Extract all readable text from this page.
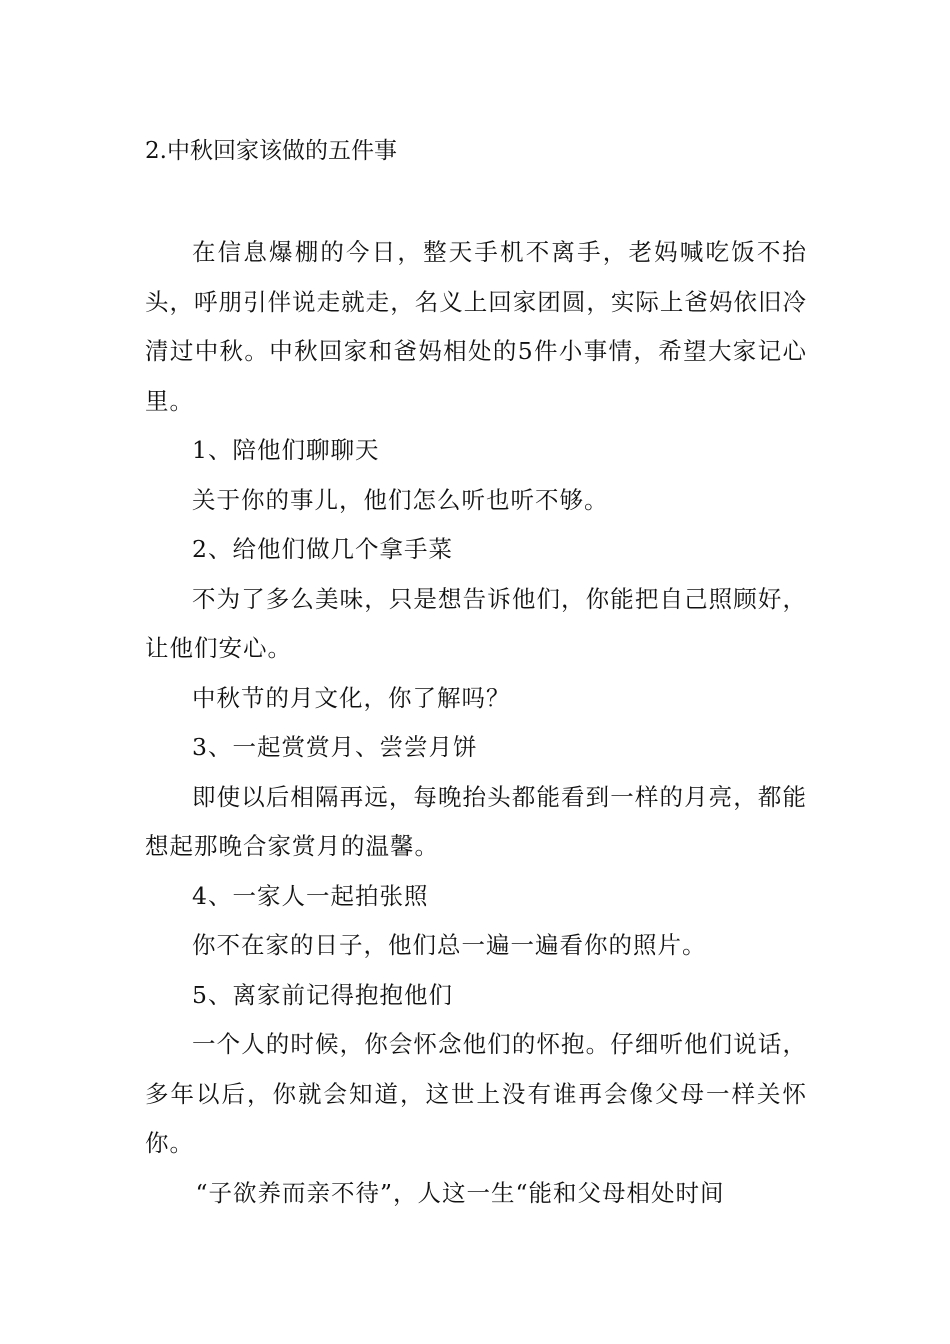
2.中秋回家该做的五件事

在信息爆棚的今日，整天手机不离手，老妈喊吃饭不抬头，呼朋引伴说走就走，名义上回家团圆，实际上爸妈依旧冷清过中秋。中秋回家和爸妈相处的5件小事情，希望大家记心里。

1、陪他们聊聊天

关于你的事儿，他们怎么听也听不够。

2、给他们做几个拿手菜

不为了多么美味，只是想告诉他们，你能把自己照顾好，让他们安心。

中秋节的月文化，你了解吗？

3、一起赏赏月、尝尝月饼

即使以后相隔再远，每晚抬头都能看到一样的月亮，都能想起那晚合家赏月的温馨。

4、一家人一起拍张照

你不在家的日子，他们总一遍一遍看你的照片。

5、离家前记得抱抱他们

一个人的时候，你会怀念他们的怀抱。仔细听他们说话，多年以后，你就会知道，这世上没有谁再会像父母一样关怀你。

“子欲养而亲不待”，人这一生“能和父母相处时间
